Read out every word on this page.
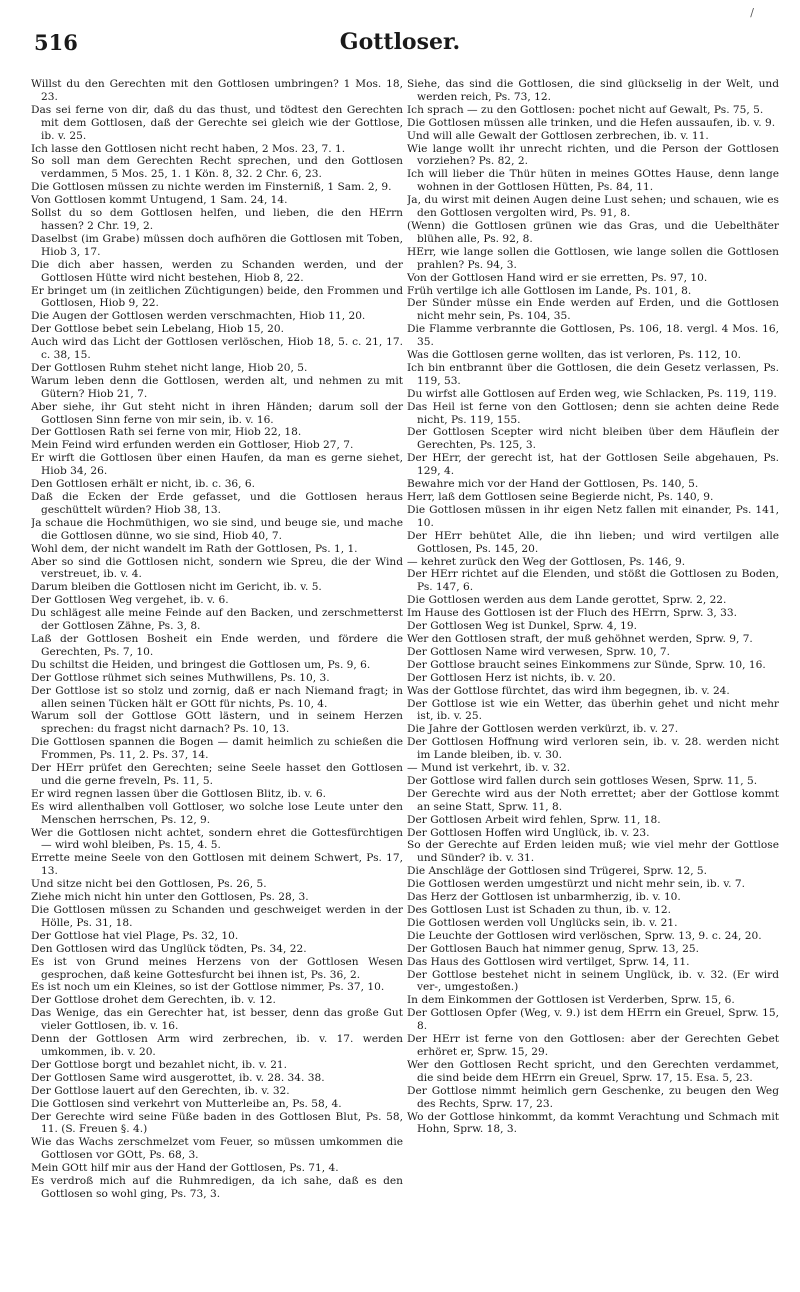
/
516	Gottloser.

Willst du den Gerechten mit den Gottlosen umbringen? 1 Mos. 18, 23.

Das sei ferne von dir, daß du das thust, und tödtest den Gerechten mit dem Gottlosen, daß der Gerechte sei gleich wie der Gottlose, ib. v. 25.

Ich lasse den Gottlosen nicht recht haben, 2 Mos. 23, 7. 1.

So soll man dem Gerechten Recht sprechen, und den Gottlosen verdammen, 5 Mos. 25, 1. 1 Kön. 8, 32. 2 Chr. 6, 23.

Die Gottlosen müssen zu nichte werden im Finsterniß, 1 Sam. 2, 9.

Von Gottlosen kommt Untugend, 1 Sam. 24, 14.

Sollst du so dem Gottlosen helfen, und lieben, die den HErrn hassen? 2 Chr. 19, 2.

Daselbst (im Grabe) müssen doch aufhören die Gottlosen mit Toben, Hiob 3, 17.

Die dich aber hassen, werden zu Schanden werden, und der Gottlosen Hütte wird nicht bestehen, Hiob 8, 22.

Er bringet um (in zeitlichen Züchtigungen) beide, den Frommen und Gottlosen, Hiob 9, 22.

Die Augen der Gottlosen werden verschmachten, Hiob 11, 20.

Der Gottlose bebet sein Lebelang, Hiob 15, 20.

Auch wird das Licht der Gottlosen verlöschen, Hiob 18, 5. c. 21, 17. c. 38, 15.

Der Gottlosen Ruhm stehet nicht lange, Hiob 20, 5.

Warum leben denn die Gottlosen, werden alt, und nehmen zu mit Gütern? Hiob 21, 7.

Aber siehe, ihr Gut steht nicht in ihren Händen; darum soll der Gottlosen Sinn ferne von mir sein, ib. v. 16.

Der Gottlosen Rath sei ferne von mir, Hiob 22, 18.

Mein Feind wird erfunden werden ein Gottloser, Hiob 27, 7.

Er wirft die Gottlosen über einen Haufen, da man es gerne siehet, Hiob 34, 26.

Den Gottlosen erhält er nicht, ib. c. 36, 6.

Daß die Ecken der Erde gefasset, und die Gottlosen heraus geschüttelt würden? Hiob 38, 13.

Ja schaue die Hochmüthigen, wo sie sind, und beuge sie, und mache die Gottlosen dünne, wo sie sind, Hiob 40, 7.

Wohl dem, der nicht wandelt im Rath der Gottlosen, Ps. 1, 1.

Aber so sind die Gottlosen nicht, sondern wie Spreu, die der Wind verstreuet, ib. v. 4.

Darum bleiben die Gottlosen nicht im Gericht, ib. v. 5.

Der Gottlosen Weg vergehet, ib. v. 6.

Du schlägest alle meine Feinde auf den Backen, und zerschmetterst der Gottlosen Zähne, Ps. 3, 8.

Laß der Gottlosen Bosheit ein Ende werden, und fördere die Gerechten, Ps. 7, 10.

Du schiltst die Heiden, und bringest die Gottlosen um, Ps. 9, 6.

Der Gottlose rühmet sich seines Muthwillens, Ps. 10, 3.

Der Gottlose ist so stolz und zornig, daß er nach Niemand fragt; in allen seinen Tücken hält er GOtt für nichts, Ps. 10, 4.

Warum soll der Gottlose GOtt lästern, und in seinem Herzen sprechen: du fragst nicht darnach? Ps. 10, 13.

Die Gottlosen spannen die Bogen — damit heimlich zu schießen die Frommen, Ps. 11, 2. Ps. 37, 14.

Der HErr prüfet den Gerechten; seine Seele hasset den Gottlosen und die gerne freveln, Ps. 11, 5.

Er wird regnen lassen über die Gottlosen Blitz, ib. v. 6.

Es wird allenthalben voll Gottloser, wo solche lose Leute unter den Menschen herrschen, Ps. 12, 9.

Wer die Gottlosen nicht achtet, sondern ehret die Gottesfürchtigen — wird wohl bleiben, Ps. 15, 4. 5.

Errette meine Seele von den Gottlosen mit deinem Schwert, Ps. 17, 13.

Und sitze nicht bei den Gottlosen, Ps. 26, 5.

Ziehe mich nicht hin unter den Gottlosen, Ps. 28, 3.

Die Gottlosen müssen zu Schanden und geschweiget werden in der Hölle, Ps. 31, 18.

Der Gottlose hat viel Plage, Ps. 32, 10.

Den Gottlosen wird das Unglück tödten, Ps. 34, 22.

Es ist von Grund meines Herzens von der Gottlosen Wesen gesprochen, daß keine Gottesfurcht bei ihnen ist, Ps. 36, 2.

Es ist noch um ein Kleines, so ist der Gottlose nimmer, Ps. 37, 10.

Der Gottlose drohet dem Gerechten, ib. v. 12.

Das Wenige, das ein Gerechter hat, ist besser, denn das große Gut vieler Gottlosen, ib. v. 16.

Denn der Gottlosen Arm wird zerbrechen, ib. v. 17. werden umkommen, ib. v. 20.

Der Gottlose borgt und bezahlet nicht, ib. v. 21.

Der Gottlosen Same wird ausgerottet, ib. v. 28. 34. 38.

Der Gottlose lauert auf den Gerechten, ib. v. 32.

Die Gottlosen sind verkehrt von Mutterleibe an, Ps. 58, 4.

Der Gerechte wird seine Füße baden in des Gottlosen Blut, Ps. 58, 11. (S. Freuen §. 4.)

Wie das Wachs zerschmelzet vom Feuer, so müssen umkommen die Gottlosen vor GOtt, Ps. 68, 3.

Mein GOtt hilf mir aus der Hand der Gottlosen, Ps. 71, 4.

Es verdroß mich auf die Ruhmredigen, da ich sahe, daß es den Gottlosen so wohl ging, Ps. 73, 3.

Siehe, das sind die Gottlosen, die sind glückselig in der Welt, und werden reich, Ps. 73, 12.

Ich sprach — zu den Gottlosen: pochet nicht auf Gewalt, Ps. 75, 5.

Die Gottlosen müssen alle trinken, und die Hefen aussaufen, ib. v. 9.

Und will alle Gewalt der Gottlosen zerbrechen, ib. v. 11.

Wie lange wollt ihr unrecht richten, und die Person der Gottlosen vorziehen? Ps. 82, 2.

Ich will lieber die Thür hüten in meines GOttes Hause, denn lange wohnen in der Gottlosen Hütten, Ps. 84, 11.

Ja, du wirst mit deinen Augen deine Lust sehen; und schauen, wie es den Gottlosen vergolten wird, Ps. 91, 8.

(Wenn) die Gottlosen grünen wie das Gras, und die Uebelthäter blühen alle, Ps. 92, 8.

HErr, wie lange sollen die Gottlosen, wie lange sollen die Gottlosen prahlen? Ps. 94, 3.

Von der Gottlosen Hand wird er sie erretten, Ps. 97, 10.

Früh vertilge ich alle Gottlosen im Lande, Ps. 101, 8.

Der Sünder müsse ein Ende werden auf Erden, und die Gottlosen nicht mehr sein, Ps. 104, 35.

Die Flamme verbrannte die Gottlosen, Ps. 106, 18. vergl. 4 Mos. 16, 35.

Was die Gottlosen gerne wollten, das ist verloren, Ps. 112, 10.

Ich bin entbrannt über die Gottlosen, die dein Gesetz verlassen, Ps. 119, 53.

Du wirfst alle Gottlosen auf Erden weg, wie Schlacken, Ps. 119, 119.

Das Heil ist ferne von den Gottlosen; denn sie achten deine Rede nicht, Ps. 119, 155.

Der Gottlosen Scepter wird nicht bleiben über dem Häuflein der Gerechten, Ps. 125, 3.

Der HErr, der gerecht ist, hat der Gottlosen Seile abgehauen, Ps. 129, 4.

Bewahre mich vor der Hand der Gottlosen, Ps. 140, 5.

Herr, laß dem Gottlosen seine Begierde nicht, Ps. 140, 9.

Die Gottlosen müssen in ihr eigen Netz fallen mit einander, Ps. 141, 10.

Der HErr behütet Alle, die ihn lieben; und wird vertilgen alle Gottlosen, Ps. 145, 20.

— kehret zurück den Weg der Gottlosen, Ps. 146, 9.

Der HErr richtet auf die Elenden, und stößt die Gottlosen zu Boden, Ps. 147, 6.

Die Gottlosen werden aus dem Lande gerottet, Sprw. 2, 22.

Im Hause des Gottlosen ist der Fluch des HErrn, Sprw. 3, 33.

Der Gottlosen Weg ist Dunkel, Sprw. 4, 19.

Wer den Gottlosen straft, der muß gehöhnet werden, Sprw. 9, 7.

Der Gottlosen Name wird verwesen, Sprw. 10, 7.

Der Gottlose braucht seines Einkommens zur Sünde, Sprw. 10, 16.

Der Gottlosen Herz ist nichts, ib. v. 20.

Was der Gottlose fürchtet, das wird ihm begegnen, ib. v. 24.

Der Gottlose ist wie ein Wetter, das überhin gehet und nicht mehr ist, ib. v. 25.

Die Jahre der Gottlosen werden verkürzt, ib. v. 27.

Der Gottlosen Hoffnung wird verloren sein, ib. v. 28. werden nicht im Lande bleiben, ib. v. 30.

— Mund ist verkehrt, ib. v. 32.

Der Gottlose wird fallen durch sein gottloses Wesen, Sprw. 11, 5.

Der Gerechte wird aus der Noth errettet; aber der Gottlose kommt an seine Statt, Sprw. 11, 8.

Der Gottlosen Arbeit wird fehlen, Sprw. 11, 18.

Der Gottlosen Hoffen wird Unglück, ib. v. 23.

So der Gerechte auf Erden leiden muß; wie viel mehr der Gottlose und Sünder? ib. v. 31.

Die Anschläge der Gottlosen sind Trügerei, Sprw. 12, 5.

Die Gottlosen werden umgestürzt und nicht mehr sein, ib. v. 7.

Das Herz der Gottlosen ist unbarmherzig, ib. v. 10.

Des Gottlosen Lust ist Schaden zu thun, ib. v. 12.

Die Gottlosen werden voll Unglücks sein, ib. v. 21.

Die Leuchte der Gottlosen wird verlöschen, Sprw. 13, 9. c. 24, 20.

Der Gottlosen Bauch hat nimmer genug, Sprw. 13, 25.

Das Haus des Gottlosen wird vertilget, Sprw. 14, 11.

Der Gottlose bestehet nicht in seinem Unglück, ib. v. 32. (Er wird ver-, umgestoßen.)

In dem Einkommen der Gottlosen ist Verderben, Sprw. 15, 6.

Der Gottlosen Opfer (Weg, v. 9.) ist dem HErrn ein Greuel, Sprw. 15, 8.

Der HErr ist ferne von den Gottlosen: aber der Gerechten Gebet erhöret er, Sprw. 15, 29.

Wer den Gottlosen Recht spricht, und den Gerechten verdammet, die sind beide dem HErrn ein Greuel, Sprw. 17, 15. Esa. 5, 23.

Der Gottlose nimmt heimlich gern Geschenke, zu beugen den Weg des Rechts, Sprw. 17, 23.

Wo der Gottlose hinkommt, da kommt Verachtung und Schmach mit Hohn, Sprw. 18, 3.
